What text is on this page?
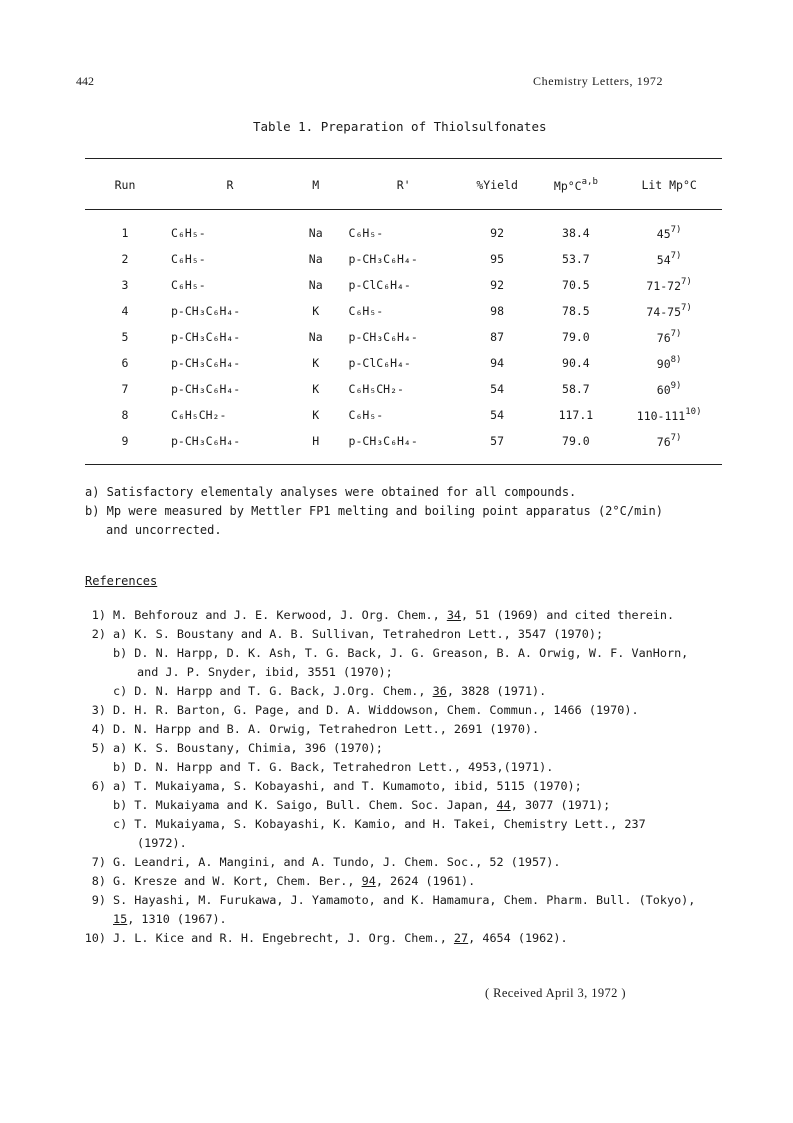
442	Chemistry Letters, 1972
Table 1. Preparation of Thiolsulfonates
Run	R	M	R'	%Yield	Mp°C$^{a,b}$	Lit Mp°C

1	C₆H₅-	Na	C₆H₅-	92	38.4	45$^{7)}$
2	C₆H₅-	Na	p-CH₃C₆H₄-	95	53.7	54$^{7)}$
3	C₆H₅-	Na	p-ClC₆H₄-	92	70.5	71-72$^{7)}$
4	p-CH₃C₆H₄-	K	C₆H₅-	98	78.5	74-75$^{7)}$
5	p-CH₃C₆H₄-	Na	p-CH₃C₆H₄-	87	79.0	76$^{7)}$
6	p-CH₃C₆H₄-	K	p-ClC₆H₄-	94	90.4	90$^{8)}$
7	p-CH₃C₆H₄-	K	C₆H₅CH₂-	54	58.7	60$^{9)}$
8	C₆H₅CH₂-	K	C₆H₅-	54	117.1	110-111$^{10)}$
9	p-CH₃C₆H₄-	H	p-CH₃C₆H₄-	57	79.0	76$^{7)}$
a) Satisfactory elementaly analyses were obtained for all compounds.
b) Mp were measured by Mettler FP1 melting and boiling point apparatus (2°C/min)
and uncorrected.
References
1) M. Behforouz and J. E. Kerwood, J. Org. Chem., 34, 51 (1969) and cited therein.
2) a) K. S. Boustany and A. B. Sullivan, Tetrahedron Lett., 3547 (1970);
b) D. N. Harpp, D. K. Ash, T. G. Back, J. G. Greason, B. A. Orwig, W. F. VanHorn,
and J. P. Snyder, ibid, 3551 (1970);
c) D. N. Harpp and T. G. Back, J.Org. Chem., 36, 3828 (1971).
3) D. H. R. Barton, G. Page, and D. A. Widdowson, Chem. Commun., 1466 (1970).
4) D. N. Harpp and B. A. Orwig, Tetrahedron Lett., 2691 (1970).
5) a) K. S. Boustany, Chimia, 396 (1970);
b) D. N. Harpp and T. G. Back, Tetrahedron Lett., 4953,(1971).
6) a) T. Mukaiyama, S. Kobayashi, and T. Kumamoto, ibid, 5115 (1970);
b) T. Mukaiyama and K. Saigo, Bull. Chem. Soc. Japan, 44, 3077 (1971);
c) T. Mukaiyama, S. Kobayashi, K. Kamio, and H. Takei, Chemistry Lett., 237
(1972).
7) G. Leandri, A. Mangini, and A. Tundo, J. Chem. Soc., 52 (1957).
8) G. Kresze and W. Kort, Chem. Ber., 94, 2624 (1961).
9) S. Hayashi, M. Furukawa, J. Yamamoto, and K. Hamamura, Chem. Pharm. Bull. (Tokyo),
15, 1310 (1967).
10) J. L. Kice and R. H. Engebrecht, J. Org. Chem., 27, 4654 (1962).
( Received April 3, 1972 )
